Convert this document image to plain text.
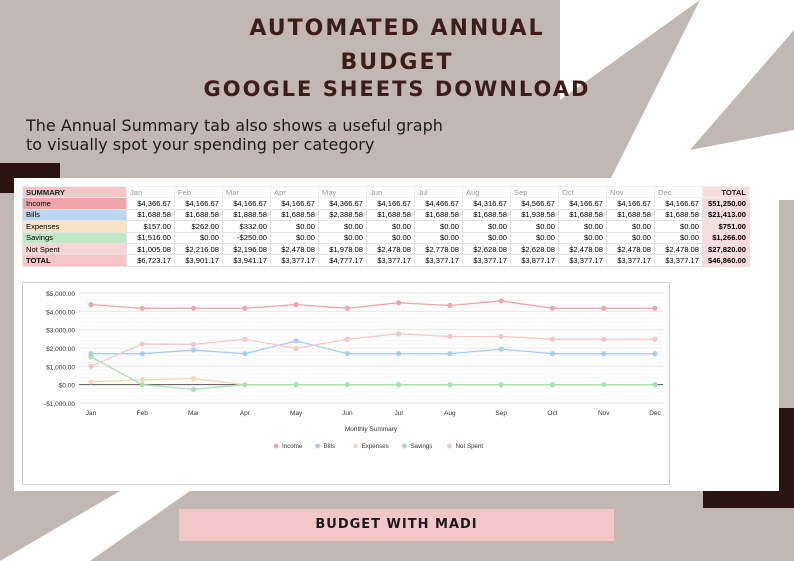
AUTOMATED ANNUAL
BUDGET
GOOGLE SHEETS DOWNLOAD
The Annual Summary tab also shows a useful graph
to visually spot your spending per category
SUMMARY	Jan	Feb	Mar	Apr	May	Jun	Jul	Aug	Sep	Oct	Nov	Dec	TOTAL
Income	$4,366.67	$4,166.67	$4,166.67	$4,166.67	$4,366.67	$4,166.67	$4,466.67	$4,316.67	$4,566.67	$4,166.67	$4,166.67	$4,166.67	$51,250.00
Bills	$1,688.58	$1,688.58	$1,888.58	$1,688.58	$2,388.58	$1,688.58	$1,688.58	$1,688.58	$1,938.58	$1,688.58	$1,688.58	$1,688.58	$21,413.00
Expenses	$157.00	$262.00	$332.00	$0.00	$0.00	$0.00	$0.00	$0.00	$0.00	$0.00	$0.00	$0.00	$751.00
Savings	$1,516.00	$0.00	-$250.00	$0.00	$0.00	$0.00	$0.00	$0.00	$0.00	$0.00	$0.00	$0.00	$1,266.00
Not Spent	$1,005.08	$2,216.08	$2,196.08	$2,478.08	$1,978.08	$2,478.08	$2,778.08	$2,628.08	$2,628.08	$2,478.08	$2,478.08	$2,478.08	$27,820.00
TOTAL	$6,723.17	$3,901.17	$3,941.17	$3,377.17	$4,777.17	$3,377.17	$3,377.17	$3,377.17	$3,877.17	$3,377.17	$3,377.17	$3,377.17	$46,860.00
-$1,000.00
$0.00
$1,000.00
$2,000.00
$3,000.00
$4,000.00
$5,000.00
Jan	Feb	Mar	Apr	May	Jun	Jul	Aug	Sep	Oct	Nov	Dec
Monthly Summary
Income	Bills	Expenses	Savings	Not Spent
BUDGET WITH MADI
